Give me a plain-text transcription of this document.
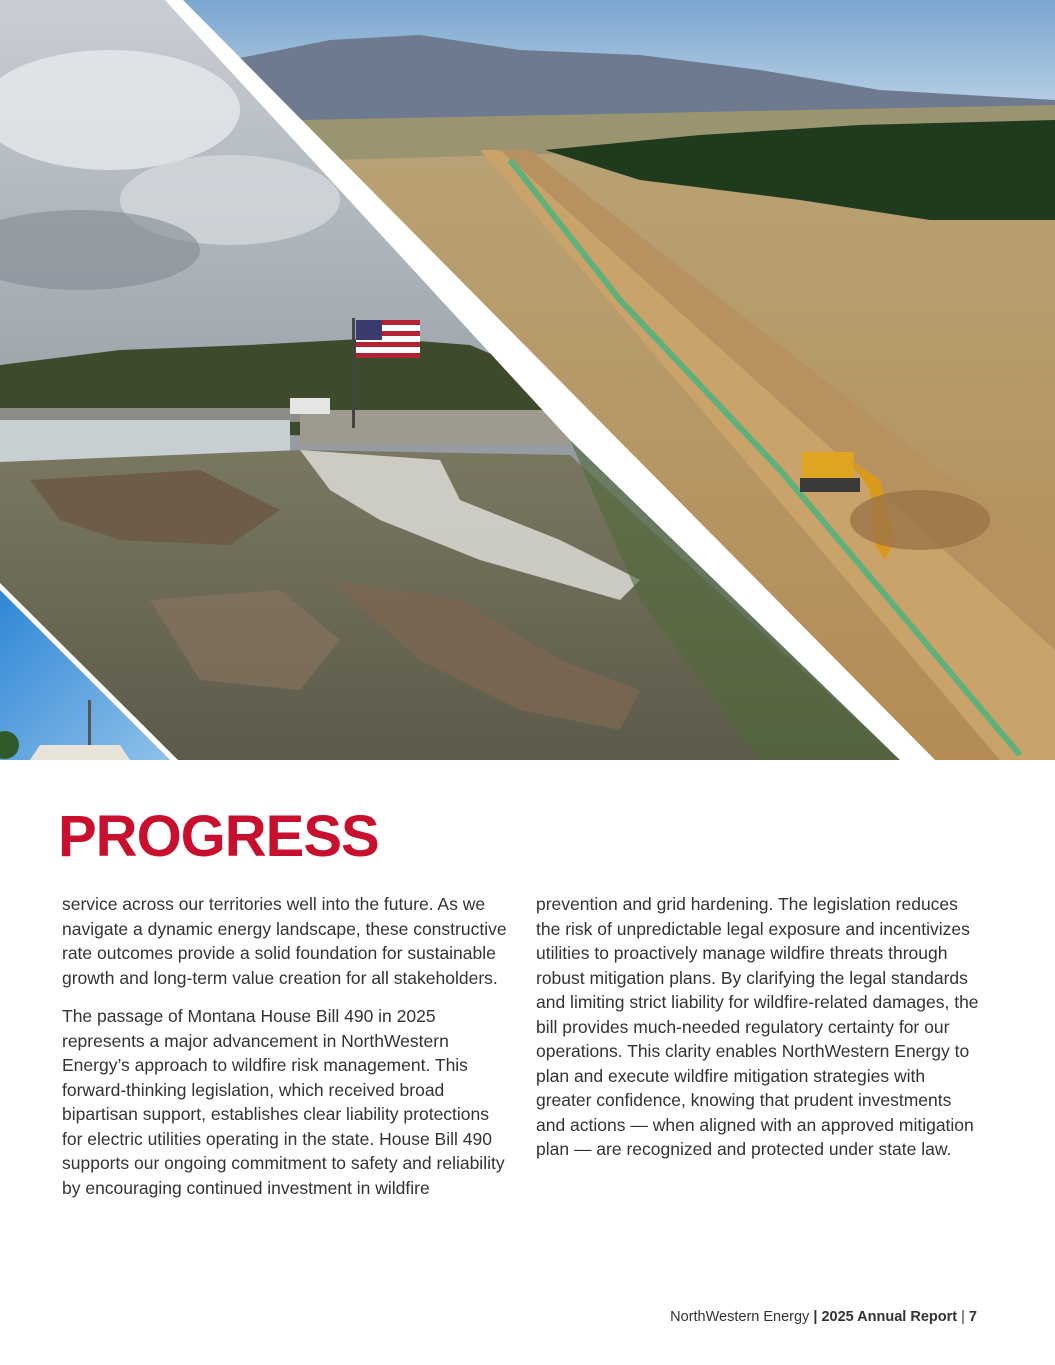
PROGRESS

service across our territories well into the future. As we navigate a dynamic energy landscape, these constructive rate outcomes provide a solid foundation for sustainable growth and long-term value creation for all stakeholders.

The passage of Montana House Bill 490 in 2025 represents a major advancement in NorthWestern Energy’s approach to wildfire risk management. This forward-thinking legislation, which received broad bipartisan support, establishes clear liability protections for electric utilities operating in the state. House Bill 490 supports our ongoing commitment to safety and reliability by encouraging continued investment in wildfire

prevention and grid hardening. The legislation reduces the risk of unpredictable legal exposure and incentivizes utilities to proactively manage wildfire threats through robust mitigation plans. By clarifying the legal standards and limiting strict liability for wildfire-related damages, the bill provides much-needed regulatory certainty for our operations. This clarity enables NorthWestern Energy to plan and execute wildfire mitigation strategies with greater confidence, knowing that prudent investments and actions — when aligned with an approved mitigation plan — are recognized and protected under state law.

NorthWestern Energy | 2025 Annual Report | 7
